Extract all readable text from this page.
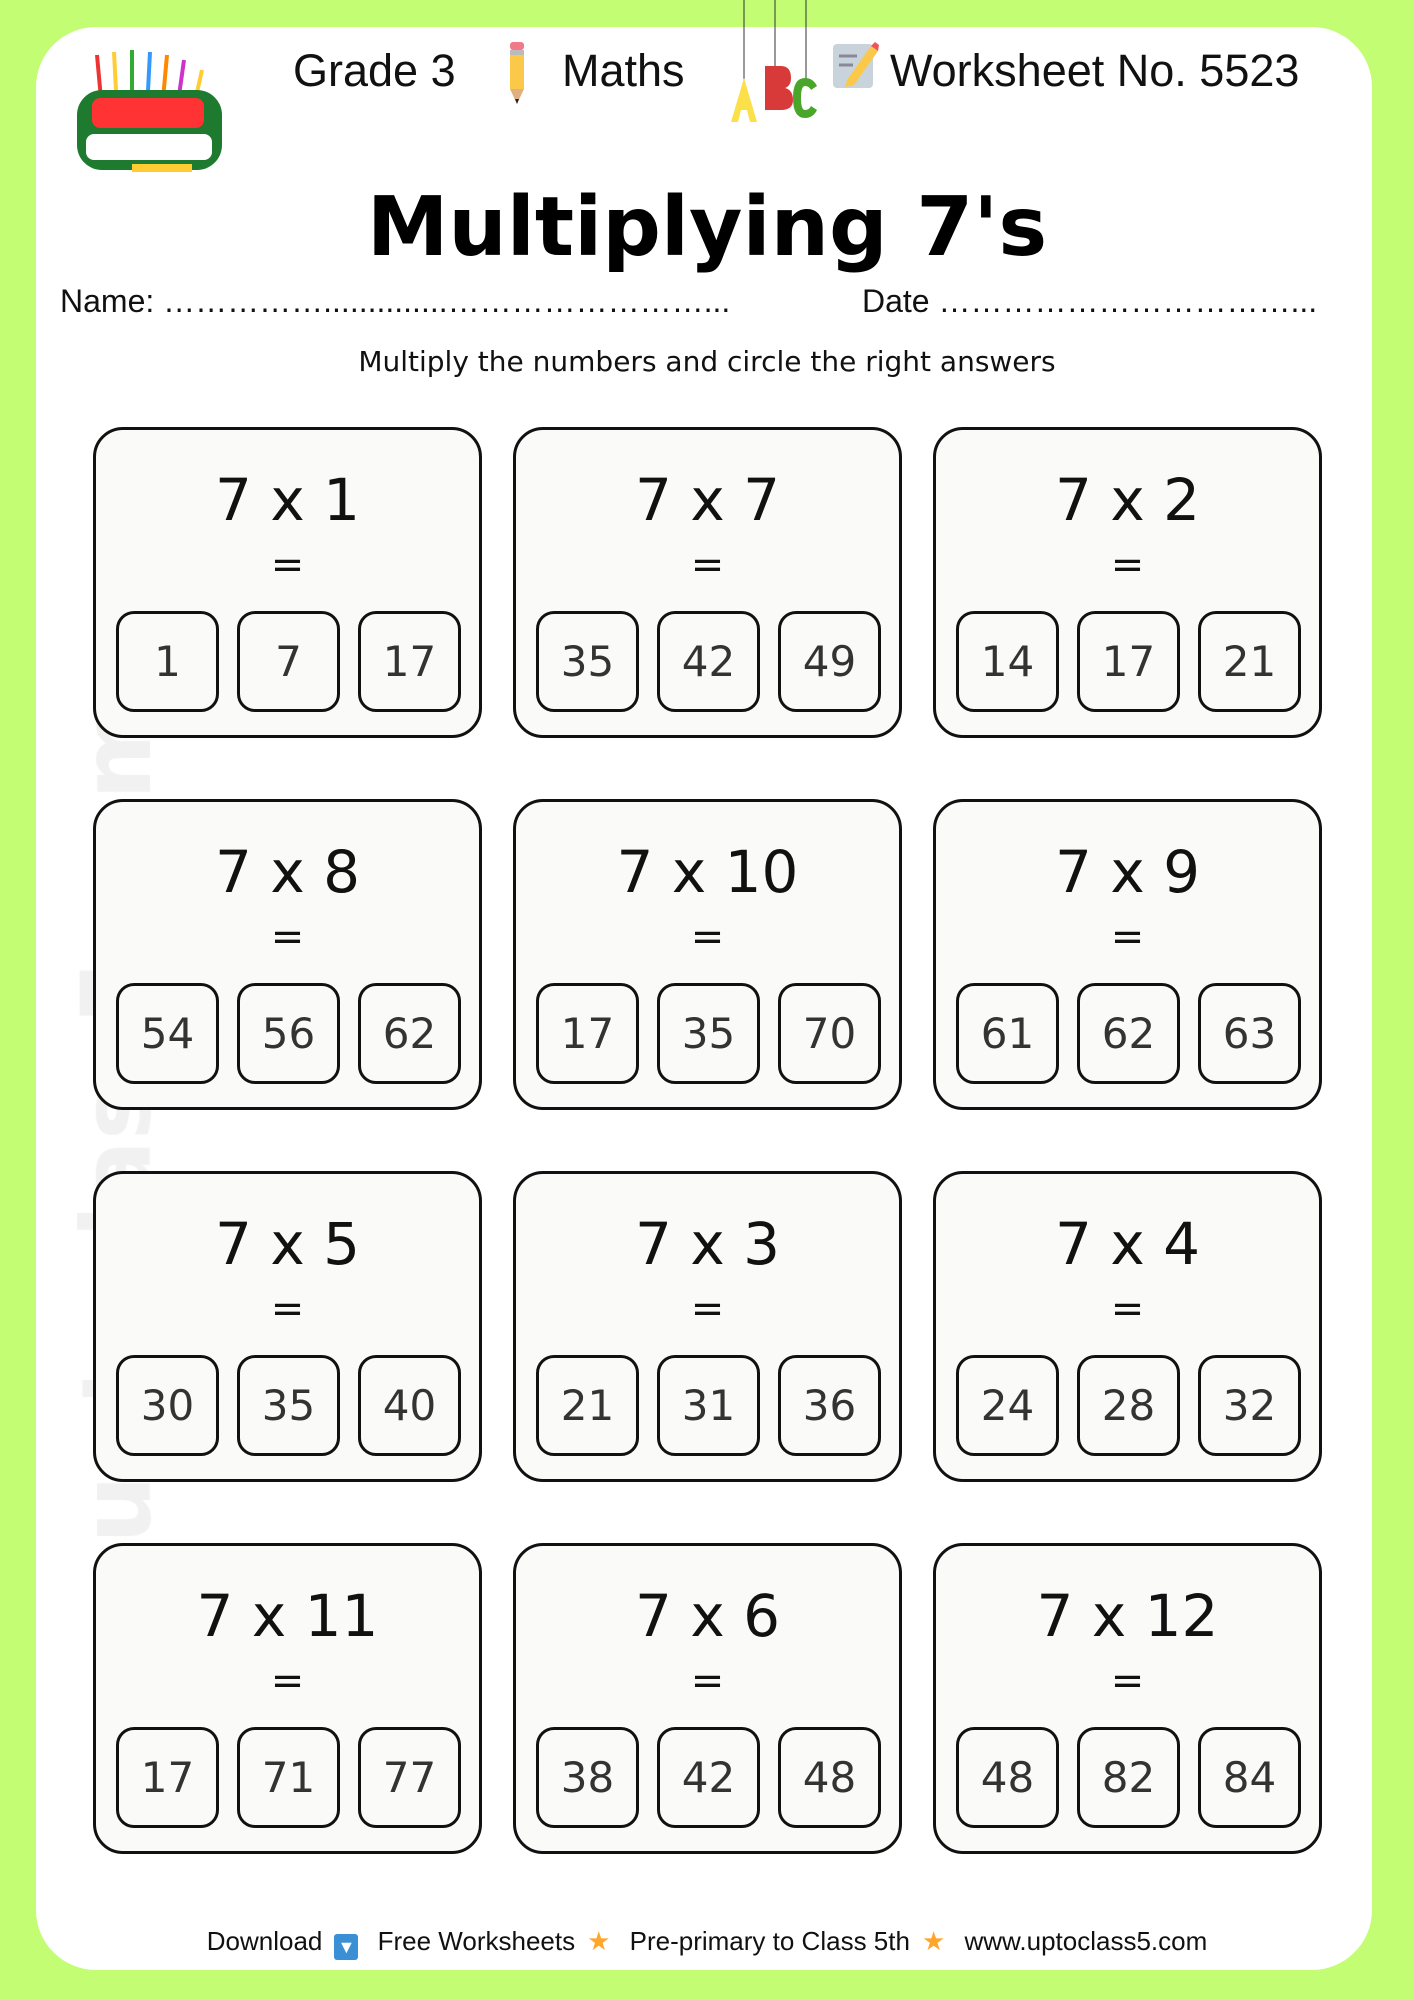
Grade 3 Maths	Worksheet No. 5523
Multiplying 7's
Name: ……………..............……………………...	Date ……………………………...
Multiply the numbers and circle the right answers
7 x 1
=
1	7	17
7 x 7
=
35	42	49
7 x 2
=
14	17	21
7 x 8
=
54	56	62
7 x 10
=
17	35	70
7 x 9
=
61	62	63
7 x 5
=
30	35	40
7 x 3
=
21	31	36
7 x 4
=
24	28	32
7 x 11
=
17	71	77
7 x 6
=
38	42	48
7 x 12
=
48	82	84
Download ▼ Free Worksheets ★ Pre-primary to Class 5th ★ www.uptoclass5.com
